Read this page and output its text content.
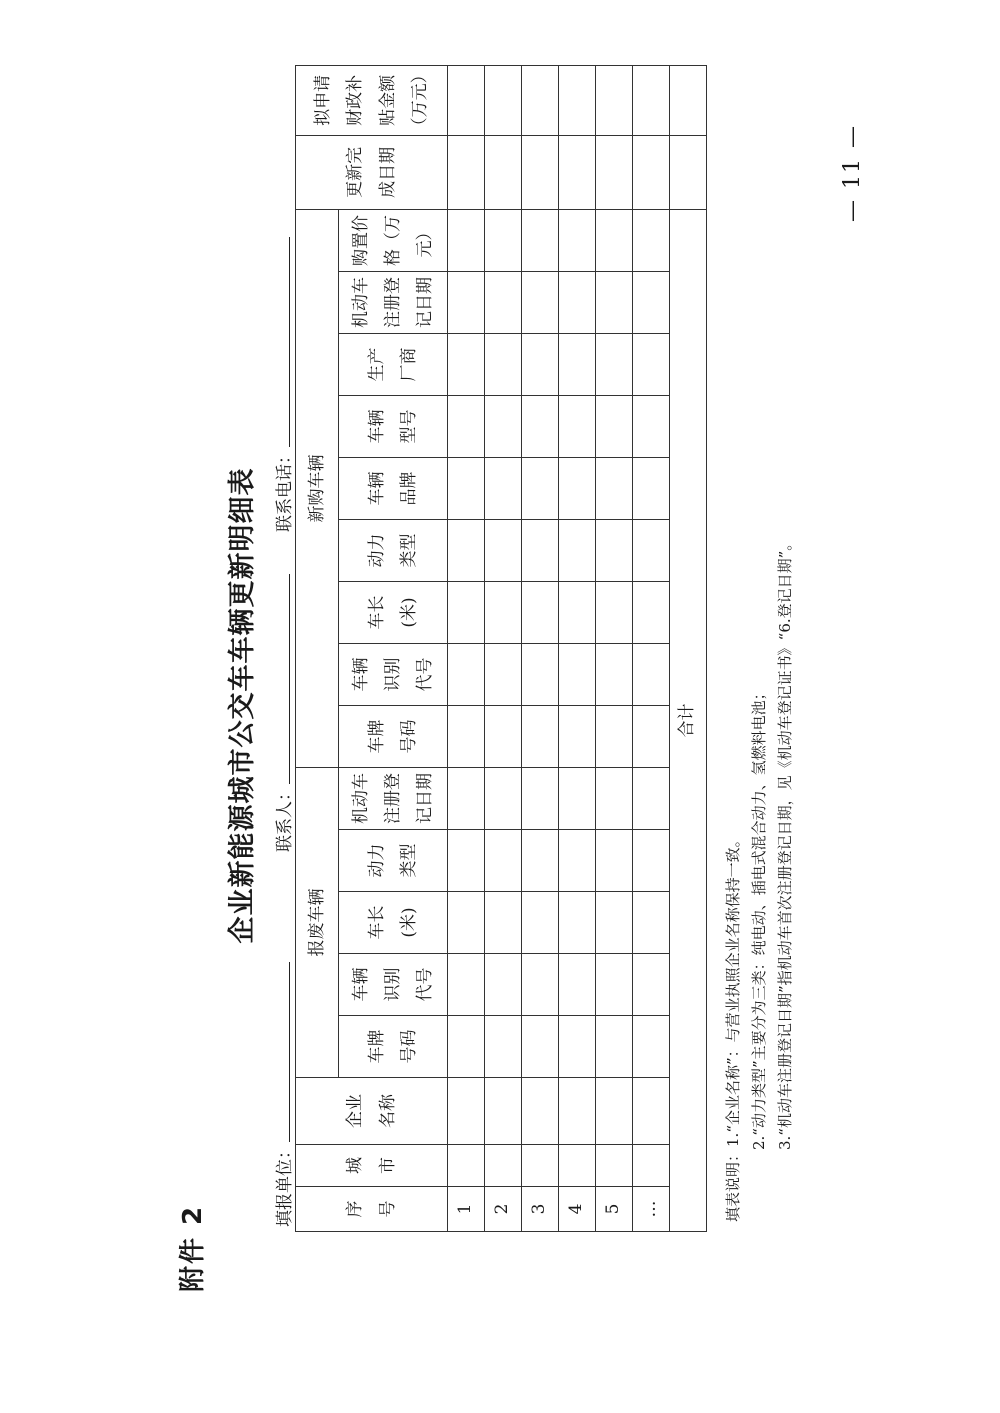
附件 2
企业新能源城市公交车车辆更新明细表
填报单位：
联系人：
联系电话：
序 号	城 市	企业 名称	报废车辆					新购车辆									更新完 成日期	拟申请 财政补 贴金额 （万元）
			车牌 号码	车辆 识别 代号	车长 (米)	动力 类型	机动车 注册登 记日期	车牌 号码	车辆 识别 代号	车长 (米)	动力 类型	车辆 品牌	车辆 型号	生产 厂商	机动车 注册登 记日期	购置价 格（万 元）		
1																		
2																		
3																		
4																		
5																		
…																		
合计																		
填表说明：1.“企业名称”：与营业执照企业名称保持一致。 2.“动力类型”主要分为三类：纯电动、插电式混合动力、氢燃料电池； 3.“机动车注册登记日期”指机动车首次注册登记日期，见《机动车登记证书》“6.登记日期”。
— 11 —
